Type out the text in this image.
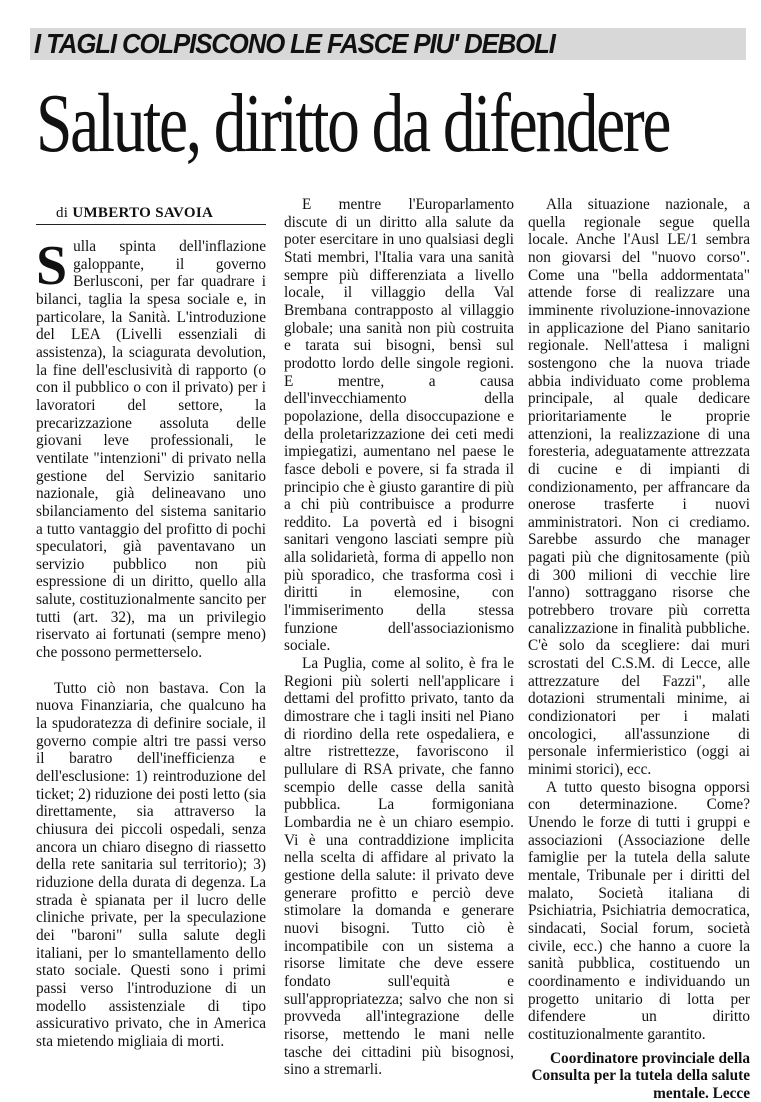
I TAGLI COLPISCONO LE FASCE PIU' DEBOLI
Salute, diritto da difendere
di UMBERTO SAVOIA

Sulla spinta dell'inflazione galoppante, il governo Berlusconi, per far quadrare i bilanci, taglia la spesa sociale e, in particolare, la Sanità. L'introduzione del LEA (Livelli essenziali di assistenza), la sciagurata devolution, la fine dell'esclusività di rapporto (o con il pubblico o con il privato) per i lavoratori del settore, la precarizzazione assoluta delle giovani leve professionali, le ventilate "intenzioni" di privato nella gestione del Servizio sanitario nazionale, già delineavano uno sbilanciamento del sistema sanitario a tutto vantaggio del profitto di pochi speculatori, già paventavano un servizio pubblico non più espressione di un diritto, quello alla salute, costituzionalmente sancito per tutti (art. 32), ma un privilegio riservato ai fortunati (sempre meno) che possono permetterselo.

Tutto ciò non bastava. Con la nuova Finanziaria, che qualcuno ha la spudoratezza di definire sociale, il governo compie altri tre passi verso il baratro dell'inefficienza e dell'esclusione: 1) reintroduzione del ticket; 2) riduzione dei posti letto (sia direttamente, sia attraverso la chiusura dei piccoli ospedali, senza ancora un chiaro disegno di riassetto della rete sanitaria sul territorio); 3) riduzione della durata di degenza. La strada è spianata per il lucro delle cliniche private, per la speculazione dei "baroni" sulla salute degli italiani, per lo smantellamento dello stato sociale. Questi sono i primi passi verso l'introduzione di un modello assistenziale di tipo assicurativo privato, che in America sta mietendo migliaia di morti.

E mentre l'Europarlamento discute di un diritto alla salute da poter esercitare in uno qualsiasi degli Stati membri, l'Italia vara una sanità sempre più differenziata a livello locale, il villaggio della Val Brembana contrapposto al villaggio globale; una sanità non più costruita e tarata sui bisogni, bensì sul prodotto lordo delle singole regioni. E mentre, a causa dell'invecchiamento della popolazione, della disoccupazione e della proletarizzazione dei ceti medi impiegatizi, aumentano nel paese le fasce deboli e povere, si fa strada il principio che è giusto garantire di più a chi più contribuisce a produrre reddito. La povertà ed i bisogni sanitari vengono lasciati sempre più alla solidarietà, forma di appello non più sporadico, che trasforma così i diritti in elemosine, con l'immiserimento della stessa funzione dell'associazionismo sociale.

La Puglia, come al solito, è fra le Regioni più solerti nell'applicare i dettami del profitto privato, tanto da dimostrare che i tagli insiti nel Piano di riordino della rete ospedaliera, e altre ristrettezze, favoriscono il pullulare di RSA private, che fanno scempio delle casse della sanità pubblica. La formigoniana Lombardia ne è un chiaro esempio. Vi è una contraddizione implicita nella scelta di affidare al privato la gestione della salute: il privato deve generare profitto e perciò deve stimolare la domanda e generare nuovi bisogni. Tutto ciò è incompatibile con un sistema a risorse limitate che deve essere fondato sull'equità e sull'appropriatezza; salvo che non si provveda all'integrazione delle risorse, mettendo le mani nelle tasche dei cittadini più bisognosi, sino a stremarli.

Alla situazione nazionale, a quella regionale segue quella locale. Anche l'Ausl LE/1 sembra non giovarsi del "nuovo corso". Come una "bella addormentata" attende forse di realizzare una imminente rivoluzione-innovazione in applicazione del Piano sanitario regionale. Nell'attesa i maligni sostengono che la nuova triade abbia individuato come problema principale, al quale dedicare prioritariamente le proprie attenzioni, la realizzazione di una foresteria, adeguatamente attrezzata di cucine e di impianti di condizionamento, per affrancare da onerose trasferte i nuovi amministratori. Non ci crediamo. Sarebbe assurdo che manager pagati più che dignitosamente (più di 300 milioni di vecchie lire l'anno) sottraggano risorse che potrebbero trovare più corretta canalizzazione in finalità pubbliche. C'è solo da scegliere: dai muri scrostati del C.S.M. di Lecce, alle attrezzature del Fazzi", alle dotazioni strumentali minime, ai condizionatori per i malati oncologici, all'assunzione di personale infermieristico (oggi ai minimi storici), ecc.

A tutto questo bisogna opporsi con determinazione. Come? Unendo le forze di tutti i gruppi e associazioni (Associazione delle famiglie per la tutela della salute mentale, Tribunale per i diritti del malato, Società italiana di Psichiatria, Psichiatria democratica, sindacati, Social forum, società civile, ecc.) che hanno a cuore la sanità pubblica, costituendo un coordinamento e individuando un progetto unitario di lotta per difendere un diritto costituzionalmente garantito.

Coordinatore provinciale della Consulta per la tutela della salute mentale. Lecce
